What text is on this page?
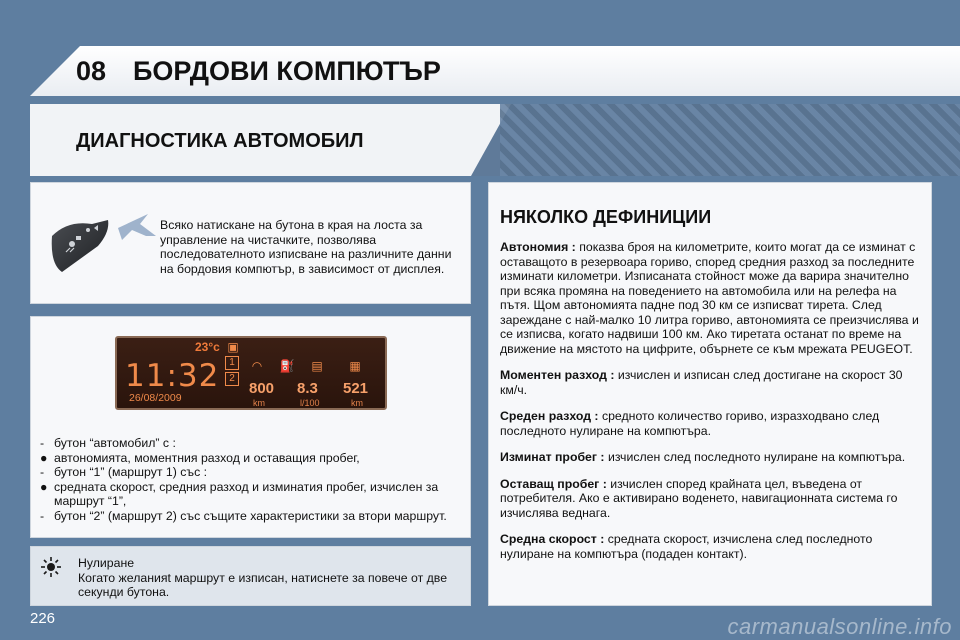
08 БОРДОВИ КОМПЮТЪР
ДИАГНОСТИКА АВТОМОБИЛ
Всяко натискане на бутона в края на лоста за управление на чистачките, позволява последователното изписване на различните данни на бордовия компютър, в зависимост от дисплея.
23°c
11:32
26/08/2009
1
2
▣
◠ ⛽ ▤ ▦
800
km
8.3
l/100
521
km
- бутон “автомобил” с :
● автономията, моментния разход и оставащия пробег,
- бутон “1” (маршрут 1) със :
● средната скорост, средния разход и изминатия пробег, изчислен за маршрут “1”,
- бутон “2” (маршрут 2) със същите характеристики за втори маршрут.
Нулиране
Когато желанияt маршрут е изписан, натиснете за повече от две секунди бутона.
НЯКОЛКО ДЕФИНИЦИИ

Автономия : показва броя на километрите, които могат да се изминат с оставащото в резервоара гориво, според средния разход за последните изминати километри. Изписаната стойност може да варира значително при всяка промяна на поведението на автомобила или на релефа на пътя. Щом автономията падне под 30 км се изписват тирета. След зареждане с най-малко 10 литра гориво, автономията се преизчислява и се изписва, когато надвиши 100 км. Ако тиретата останат по време на движение на мястото на цифрите, обърнете се към мрежата PEUGEOT.

Моментен разход : изчислен и изписан след достигане на скорост 30 км/ч.

Среден разход : средното количество гориво, изразходвано след последното нулиране на компютъра.

Изминат пробег : изчислен след последното нулиране на компютъра.

Оставащ пробег : изчислен според крайната цел, въведена от потребителя. Ако е активирано воденето, навигационната система го изчислява веднага.

Средна скорост : средната скорост, изчислена след последното нулиране на компютъра (подаден контакт).

226	carmanualsonline.info
